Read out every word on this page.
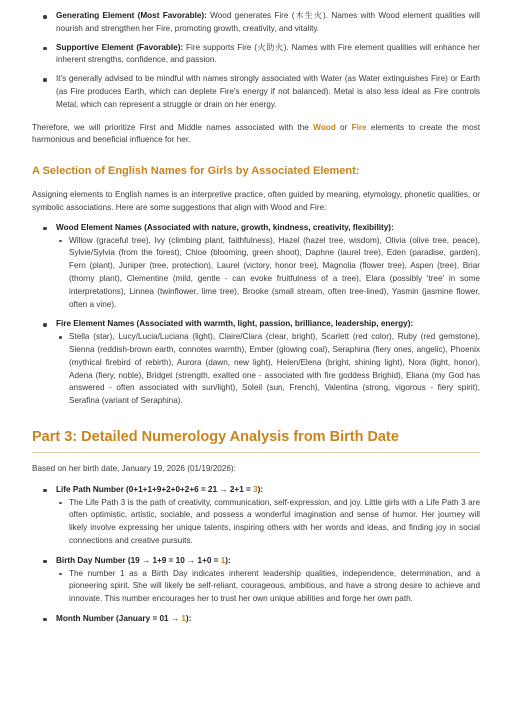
Generating Element (Most Favorable): Wood generates Fire (木生火). Names with Wood element qualities will nourish and strengthen her Fire, promoting growth, creativity, and vitality.
Supportive Element (Favorable): Fire supports Fire (火助火). Names with Fire element qualities will enhance her inherent strengths, confidence, and passion.
It's generally advised to be mindful with names strongly associated with Water (as Water extinguishes Fire) or Earth (as Fire produces Earth, which can deplete Fire's energy if not balanced). Metal is also less ideal as Fire controls Metal, which can represent a struggle or drain on her energy.

Therefore, we will prioritize First and Middle names associated with the Wood or Fire elements to create the most harmonious and beneficial influence for her.

A Selection of English Names for Girls by Associated Element:

Assigning elements to English names is an interpretive practice, often guided by meaning, etymology, phonetic qualities, or symbolic associations. Here are some suggestions that align with Wood and Fire:

Wood Element Names (Associated with nature, growth, kindness, creativity, flexibility):
Willow (graceful tree), Ivy (climbing plant, faithfulness), Hazel (hazel tree, wisdom), Olivia (olive tree, peace), Sylvie/Sylvia (from the forest), Chloe (blooming, green shoot), Daphne (laurel tree), Eden (paradise, garden), Fern (plant), Juniper (tree, protection), Laurel (victory, honor tree), Magnolia (flower tree), Aspen (tree), Briar (thorny plant), Clementine (mild, gentle - can evoke fruitfulness of a tree), Elara (possibly 'tree' in some interpretations), Linnea (twinflower, lime tree), Brooke (small stream, often tree-lined), Yasmin (jasmine flower, often a vine).
Fire Element Names (Associated with warmth, light, passion, brilliance, leadership, energy):
Stella (star), Lucy/Lucia/Luciana (light), Claire/Clara (clear, bright), Scarlett (red color), Ruby (red gemstone), Sienna (reddish-brown earth, connotes warmth), Ember (glowing coal), Seraphina (fiery ones, angelic), Phoenix (mythical firebird of rebirth), Aurora (dawn, new light), Helen/Elena (bright, shining light), Nora (light, honor), Adena (fiery, noble), Bridget (strength, exalted one - associated with fire goddess Brighid), Eliana (my God has answered - often associated with sun/light), Soleil (sun, French), Valentina (strong, vigorous - fiery spirit), Serafina (variant of Seraphina).
Part 3: Detailed Numerology Analysis from Birth Date

Based on her birth date, January 19, 2026 (01/19/2026):

Life Path Number (0+1+1+9+2+0+2+6 = 21 → 2+1 = 3):
The Life Path 3 is the path of creativity, communication, self-expression, and joy. Little girls with a Life Path 3 are often optimistic, artistic, sociable, and possess a wonderful imagination and sense of humor. Her journey will likely involve expressing her unique talents, inspiring others with her words and ideas, and finding joy in social connections and creative pursuits.
Birth Day Number (19 → 1+9 = 10 → 1+0 = 1):
The number 1 as a Birth Day indicates inherent leadership qualities, independence, determination, and a pioneering spirit. She will likely be self-reliant, courageous, ambitious, and have a strong desire to achieve and innovate. This number encourages her to trust her own unique abilities and forge her own path.
Month Number (January = 01 → 1):
